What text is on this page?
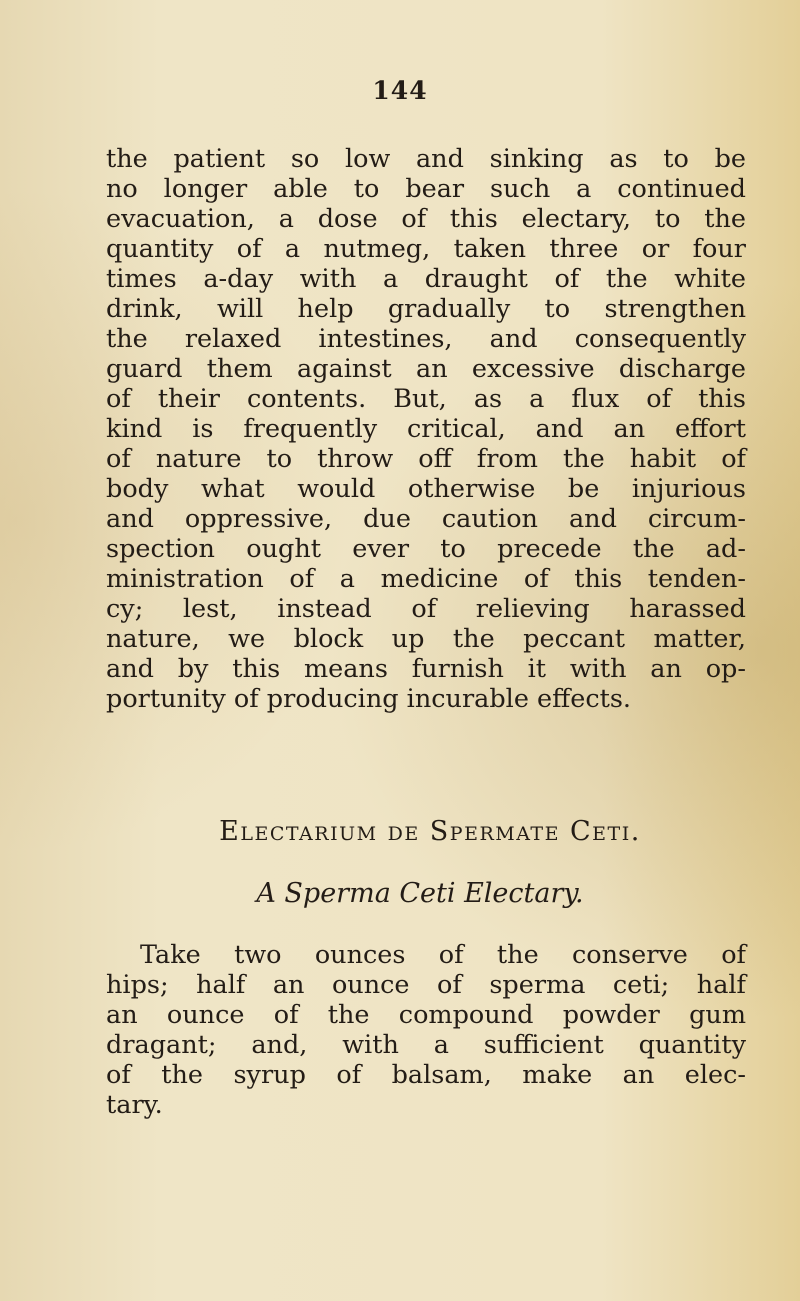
144
the patient so low and sinking as to be
no longer able to bear such a continued
evacuation, a dose of this electary, to the
quantity of a nutmeg, taken three or four
times a-day with a draught of the white
drink, will help gradually to strengthen
the relaxed intestines, and consequently
guard them against an excessive discharge
of their contents. But, as a flux of this
kind is frequently critical, and an effort
of nature to throw off from the habit of
body what would otherwise be injurious
and oppressive, due caution and circum-
spection ought ever to precede the ad-
ministration of a medicine of this tenden-
cy; lest, instead of relieving harassed
nature, we block up the peccant matter,
and by this means furnish it with an op-
portunity of producing incurable effects.
Electarium de Spermate Ceti.
A Sperma Ceti Electary.
Take two ounces of the conserve of
hips; half an ounce of sperma ceti; half
an ounce of the compound powder gum
dragant; and, with a sufficient quantity
of the syrup of balsam, make an elec-
tary.
